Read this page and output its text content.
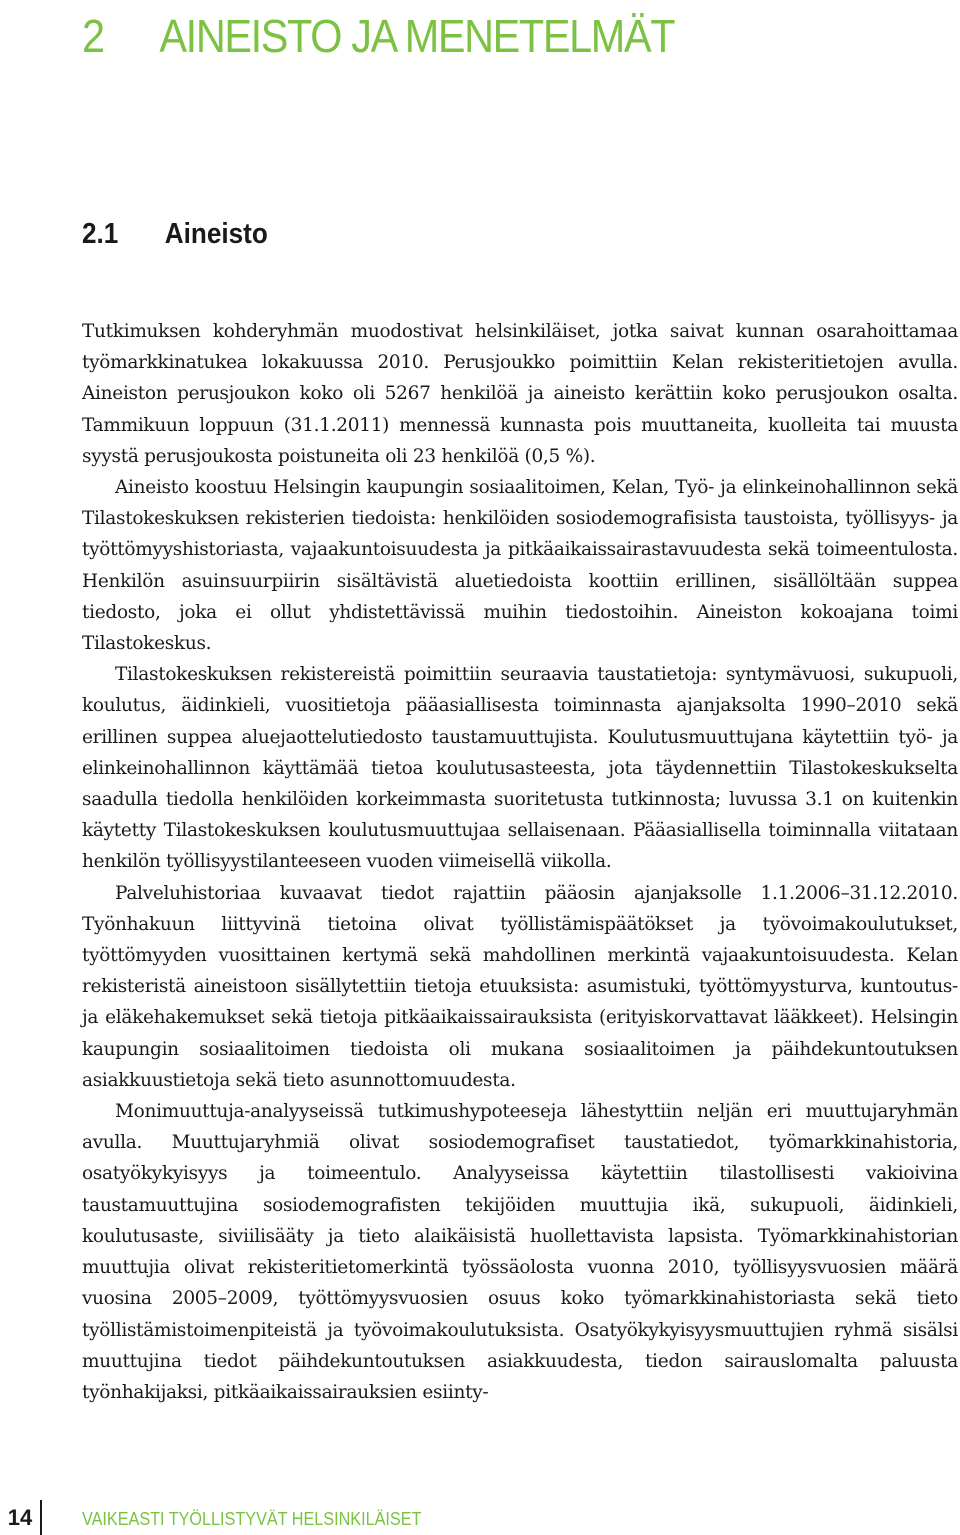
2 AINEISTO JA MENETELMÄT
2.1 Aineisto

Tutkimuksen kohderyhmän muodostivat helsinkiläiset, jotka saivat kunnan osarahoittamaa työmarkkinatukea lokakuussa 2010. Perusjoukko poimittiin Kelan rekisteritietojen avulla. Aineiston perusjoukon koko oli 5267 henkilöä ja aineisto kerättiin koko perusjoukon osalta. Tammikuun loppuun (31.1.2011) mennessä kunnasta pois muuttaneita, kuolleita tai muusta syystä perusjoukosta poistuneita oli 23 henkilöä (0,5 %).

Aineisto koostuu Helsingin kaupungin sosiaalitoimen, Kelan, Työ- ja elinkeinohallinnon sekä Tilastokeskuksen rekisterien tiedoista: henkilöiden sosiodemografisista taustoista, työllisyys- ja työttömyyshistoriasta, vajaakuntoisuudesta ja pitkäaikaissairastavuudesta sekä toimeentulosta. Henkilön asuinsuurpiirin sisältävistä aluetiedoista koottiin erillinen, sisällöltään suppea tiedosto, joka ei ollut yhdistettävissä muihin tiedostoihin. Aineiston kokoajana toimi Tilastokeskus.

Tilastokeskuksen rekistereistä poimittiin seuraavia taustatietoja: syntymävuosi, sukupuoli, koulutus, äidinkieli, vuositietoja pääasiallisesta toiminnasta ajanjaksolta 1990–2010 sekä erillinen suppea aluejaottelutiedosto taustamuuttujista. Koulutusmuuttujana käytettiin työ- ja elinkeinohallinnon käyttämää tietoa koulutusasteesta, jota täydennettiin Tilastokeskukselta saadulla tiedolla henkilöiden korkeimmasta suoritetusta tutkinnosta; luvussa 3.1 on kuitenkin käytetty Tilastokeskuksen koulutusmuuttujaa sellaisenaan. Pääasiallisella toiminnalla viitataan henkilön työllisyystilanteeseen vuoden viimeisellä viikolla.

Palveluhistoriaa kuvaavat tiedot rajattiin pääosin ajanjaksolle 1.1.2006–31.12.2010. Työnhakuun liittyvinä tietoina olivat työllistämispäätökset ja työvoimakoulutukset, työttömyyden vuosittainen kertymä sekä mahdollinen merkintä vajaakuntoisuudesta. Kelan rekisteristä aineistoon sisällytettiin tietoja etuuksista: asumistuki, työttömyysturva, kuntoutus- ja eläkehakemukset sekä tietoja pitkäaikaissairauksista (erityiskorvattavat lääkkeet). Helsingin kaupungin sosiaalitoimen tiedoista oli mukana sosiaalitoimen ja päihdekuntoutuksen asiakkuustietoja sekä tieto asunnottomuudesta.

Monimuuttuja-analyyseissä tutkimushypoteeseja lähestyttiin neljän eri muuttujaryhmän avulla. Muuttujaryhmiä olivat sosiodemografiset taustatiedot, työmarkkinahistoria, osatyökykyisyys ja toimeentulo. Analyyseissa käytettiin tilastollisesti vakioivina taustamuuttujina sosiodemografisten tekijöiden muuttujia ikä, sukupuoli, äidinkieli, koulutusaste, siviilisääty ja tieto alaikäisistä huollettavista lapsista. Työmarkkinahistorian muuttujia olivat rekisteritietomerkintä työssäolosta vuonna 2010, työllisyysvuosien määrä vuosina 2005–2009, työttömyysvuosien osuus koko työmarkkinahistoriasta sekä tieto työllistämistoimenpiteistä ja työvoimakoulutuksista. Osatyökykyisyysmuuttujien ryhmä sisälsi muuttujina tiedot päihdekuntoutuksen asiakkuudesta, tiedon sairauslomalta paluusta työnhakijaksi, pitkäaikaissairauksien esiinty-

14	VAIKEASTI TYÖLLISTYVÄT HELSINKILÄISET
